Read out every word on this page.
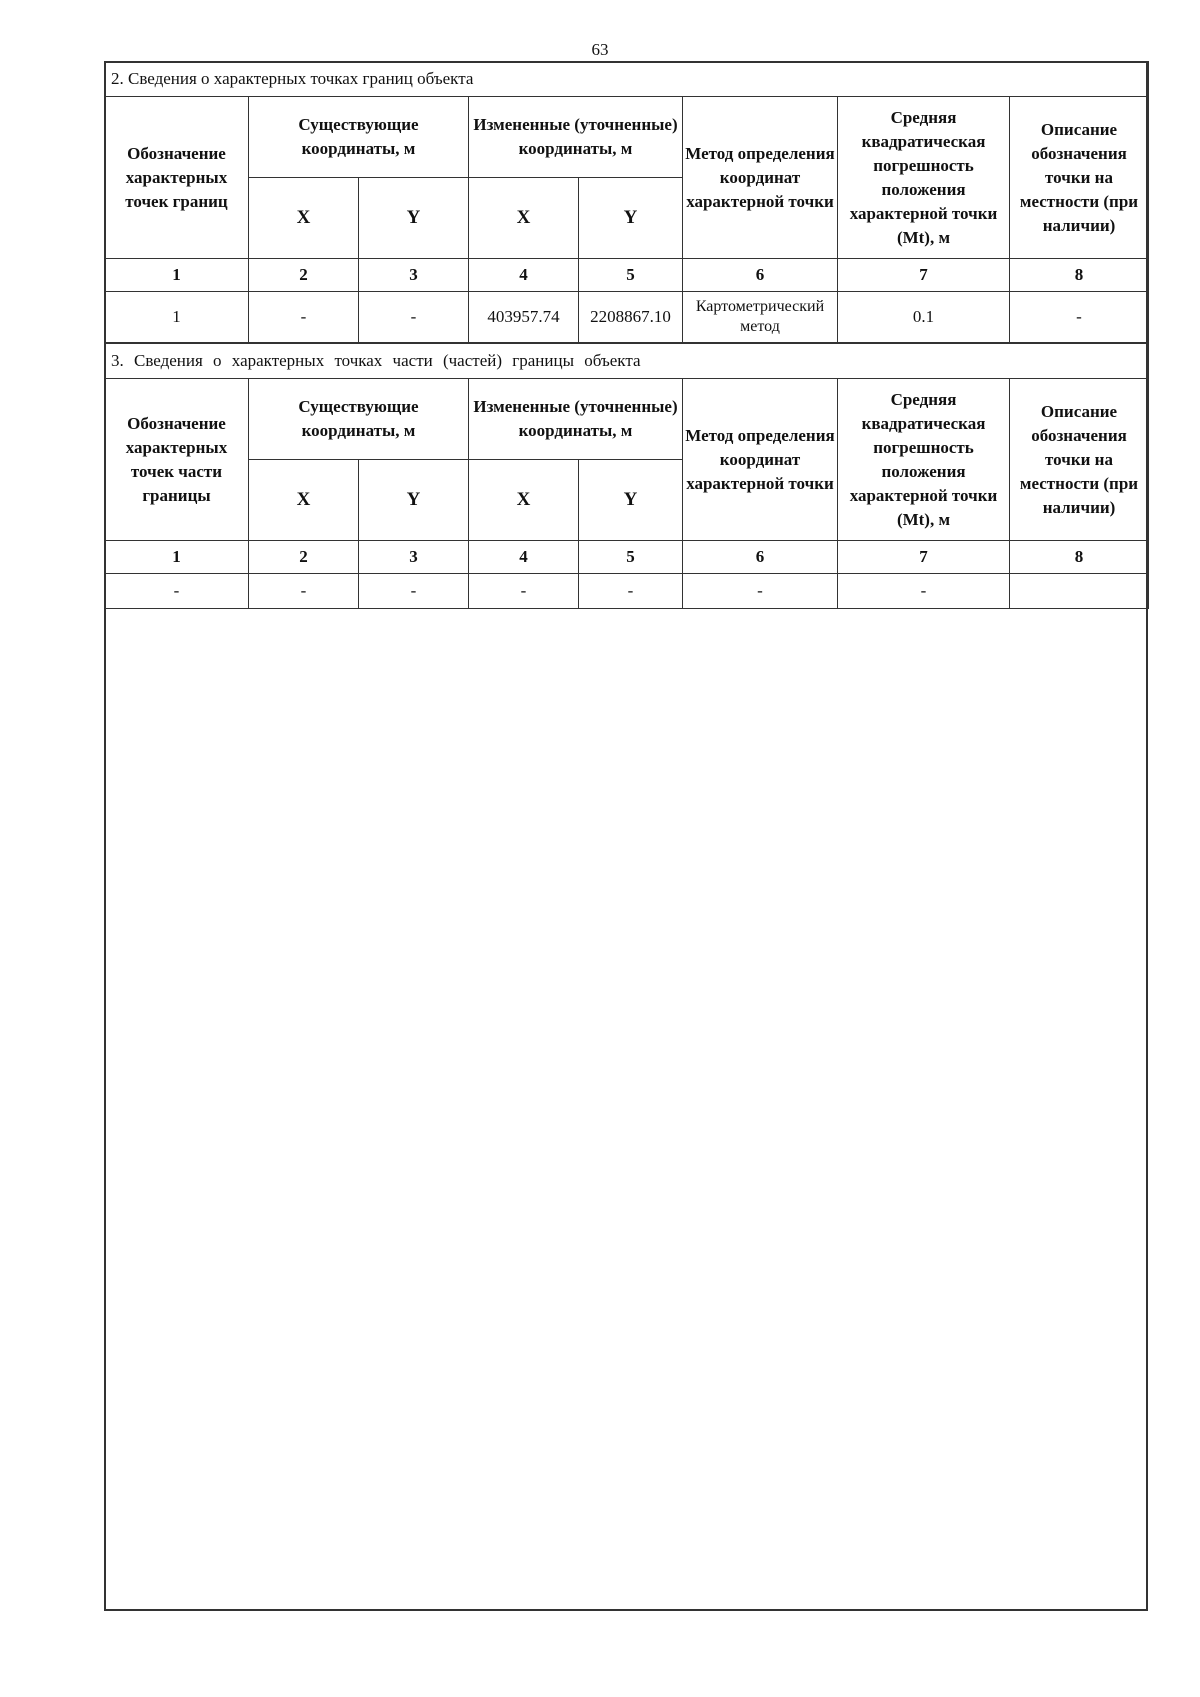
63
2. Сведения о характерных точках границ объекта							
Обозначение характерных точек границ	Существующие координаты, м		Измененные (уточненные) координаты, м		Метод определения координат характерной точки	Средняя квадратическая погрешность положения характерной точки (Mt), м	Описание обозначения точки на местности (при наличии)
	X	Y	X	Y			
1	2	3	4	5	6	7	8
1	-	-	403957.74	2208867.10	Картометрический метод	0.1	-
3. Сведения о характерных точках части (частей) границы объекта							
Обозначение характерных точек части границы	Существующие координаты, м		Измененные (уточненные) координаты, м		Метод определения координат характерной точки	Средняя квадратическая погрешность положения характерной точки (Mt), м	Описание обозначения точки на местности (при наличии)
	X	Y	X	Y			
1	2	3	4	5	6	7	8
-	-	-	-	-	-	-	
